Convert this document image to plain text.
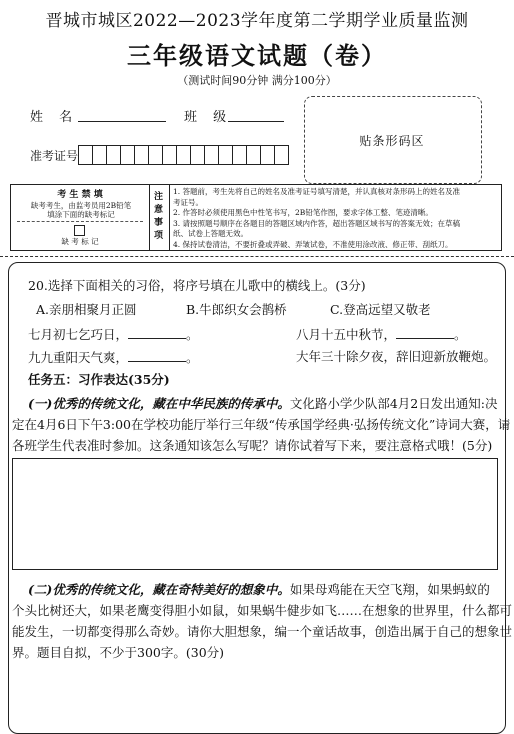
晋城市城区2022—2023学年度第二学期学业质量监测
三年级语文试题（卷）
（测试时间90分钟 满分100分）
姓 名	班 级
准考证号
贴条形码区
考 生 禁 填
缺考考生，由监考员用2B铅笔
填涂下面的缺考标记
缺 考 标 记
注意事项
1. 答题前，考生先将自己的姓名及准考证号填写清楚，并认真核对条形码上的姓名及准
考证号。
2. 作答时必须使用黑色中性笔书写，2B铅笔作图，要求字体工整、笔迹清晰。
3. 请按照题号顺序在各题目的答题区域内作答，超出答题区域书写的答案无效；在草稿
纸、试卷上答题无效。
4. 保持试卷清洁，不要折叠或弄破、弄皱试卷，不准使用涂改液、修正带、刮纸刀。
20.选择下面相关的习俗，将序号填在儿歌中的横线上。(3分)
A.亲朋相聚月正圆	B.牛郎织女会鹊桥	C.登高远望又敬老
七月初七乞巧日，	。	八月十五中秋节，	。
九九重阳天气爽，	。	大年三十除夕夜，辞旧迎新放鞭炮。
任务五：习作表达(35分)
(一)优秀的传统文化，藏在中华民族的传承中。文化路小学少队部4月2日发出通知:决
定在4月6日下午3:00在学校功能厅举行三年级“传承国学经典·弘扬传统文化”诗词大赛，请
各班学生代表准时参加。这条通知该怎么写呢？请你试着写下来，要注意格式哦！(5分)
(二)优秀的传统文化，藏在奇特美好的想象中。如果母鸡能在天空飞翔，如果蚂蚁的
个头比树还大，如果老鹰变得胆小如鼠，如果蜗牛健步如飞……在想象的世界里，什么都可
能发生，一切都变得那么奇妙。请你大胆想象，编一个童话故事，创造出属于自己的想象世
界。题目自拟，不少于300字。(30分)
